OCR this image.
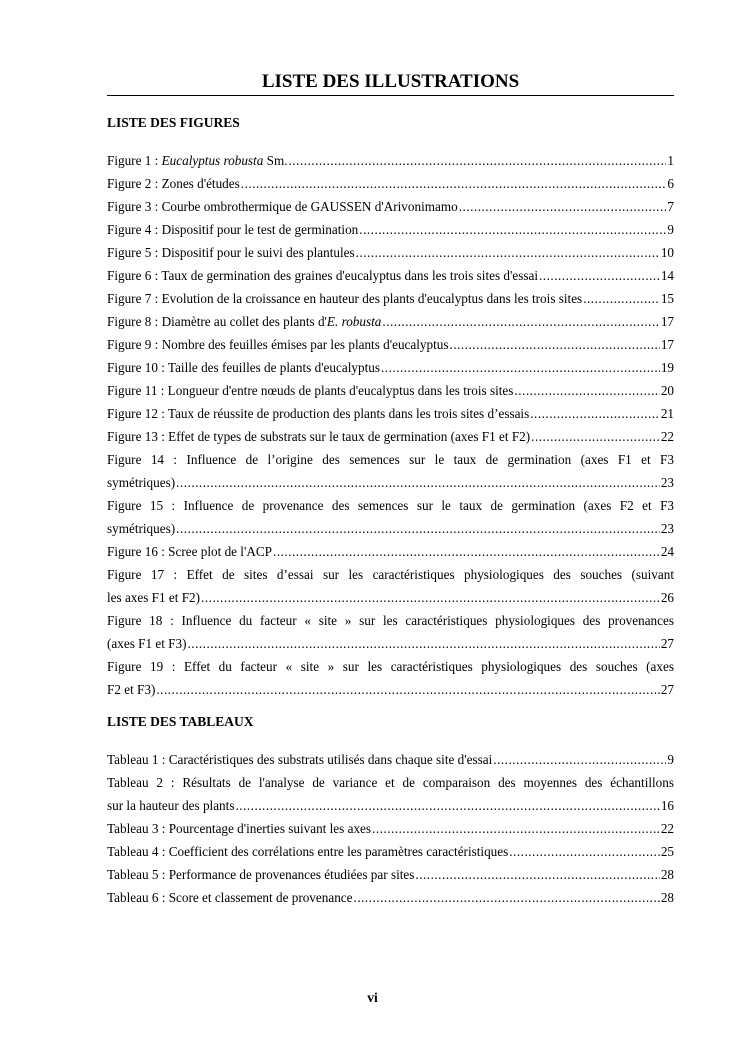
LISTE DES ILLUSTRATIONS
LISTE DES FIGURES
Figure 1 : Eucalyptus robusta Sm. .....	1
Figure 2 : Zones d'études .....	6
Figure 3 : Courbe ombrothermique de GAUSSEN d'Arivonimamo .....	7
Figure 4 : Dispositif pour le test de germination .....	9
Figure 5 : Dispositif pour le suivi des plantules .....	10
Figure 6 : Taux de germination des graines d'eucalyptus dans les trois sites d'essai .....	14
Figure 7 : Evolution de la croissance en hauteur des plants d'eucalyptus dans les trois sites .....	15
Figure 8 : Diamètre au collet des plants d'E. robusta .....	17
Figure 9 : Nombre des feuilles émises par les plants d'eucalyptus .....	17
Figure 10 : Taille des feuilles de plants d'eucalyptus .....	19
Figure 11 : Longueur d'entre nœuds de plants d'eucalyptus dans les trois sites .....	20
Figure 12 : Taux de réussite de production des plants dans les trois sites d’essais .....	21
Figure 13 : Effet de types de substrats sur le taux de germination (axes F1 et F2) .....	22
Figure 14 : Influence de l’origine des semences sur le taux de germination (axes F1 et F3
symétriques) .....	23
Figure 15 : Influence de provenance des semences sur le taux de germination (axes F2 et F3
symétriques) .....	23
Figure 16 : Scree plot de l'ACP .....	24
Figure 17 : Effet de sites d’essai sur les caractéristiques physiologiques des souches (suivant
les axes F1 et F2) .....	26
Figure 18 : Influence du facteur « site » sur les caractéristiques physiologiques des provenances
(axes F1 et F3) .....	27
Figure 19 : Effet du facteur « site » sur les caractéristiques physiologiques des souches (axes
F2 et F3) .....	27
LISTE DES TABLEAUX
Tableau 1 : Caractéristiques des substrats utilisés dans chaque site d'essai .....	9
Tableau 2 : Résultats de l'analyse de variance et de comparaison des moyennes des échantillons
sur la hauteur des plants .....	16
Tableau 3 : Pourcentage d'inerties suivant les axes .....	22
Tableau 4 : Coefficient des corrélations entre les paramètres caractéristiques .....	25
Tableau 5 : Performance de provenances étudiées par sites .....	28
Tableau 6 : Score et classement de provenance .....	28
vi
